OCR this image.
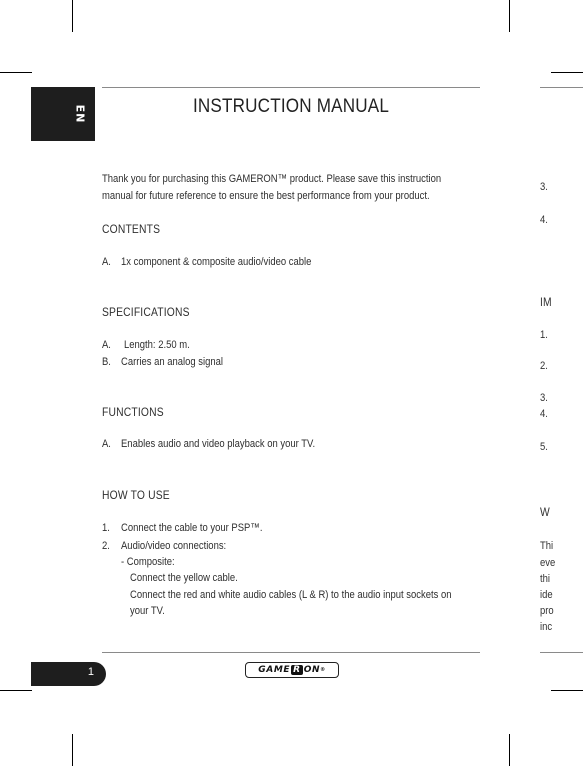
EN	INSTRUCTION MANUAL
Thank you for purchasing this GAMERON™ product. Please save this instruction
manual for future reference to ensure the best performance from your product.
CONTENTS
A. 1x component & composite audio/video cable
SPECIFICATIONS
A. Length: 2.50 m.
B. Carries an analog signal
FUNCTIONS
A. Enables audio and video playback on your TV.
HOW TO USE
1. Connect the cable to your PSP™.
2. Audio/video connections:
- Composite:
Connect the yellow cable.
Connect the red and white audio cables (L & R) to the audio input sockets on
your TV.
1	GAME R ON ®
3.
4.
IM
1.
2.
3.
4.
5.
W
Thi
eve
thi
ide
pro
inc
